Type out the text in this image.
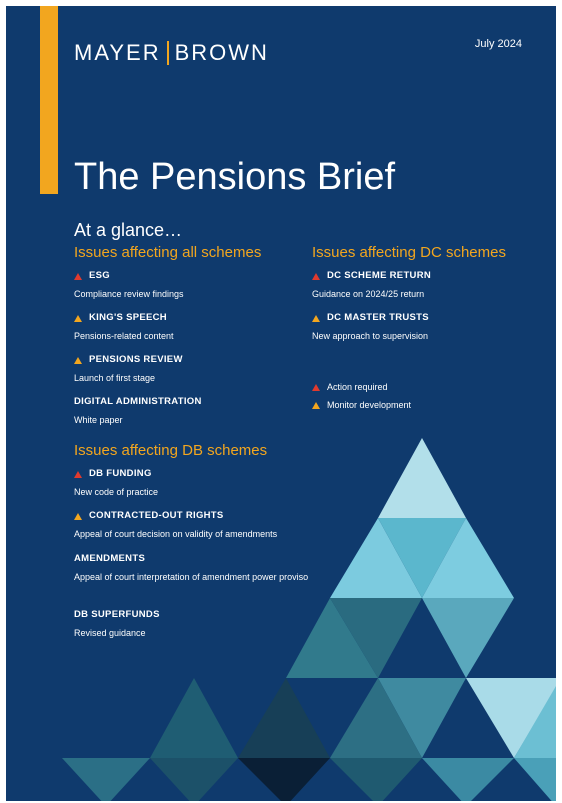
MAYER BROWN	July 2024
The Pensions Brief
At a glance…
Issues affecting all schemes
ESG
Compliance review findings
KING'S SPEECH
Pensions-related content
PENSIONS REVIEW
Launch of first stage
DIGITAL ADMINISTRATION
White paper
Issues affecting DC schemes
DC SCHEME RETURN
Guidance on 2024/25 return
DC MASTER TRUSTS
New approach to supervision
Action required
Monitor development
Issues affecting DB schemes
DB FUNDING
New code of practice
CONTRACTED-OUT RIGHTS
Appeal of court decision on validity of amendments
AMENDMENTS
Appeal of court interpretation of amendment power proviso
DB SUPERFUNDS
Revised guidance
